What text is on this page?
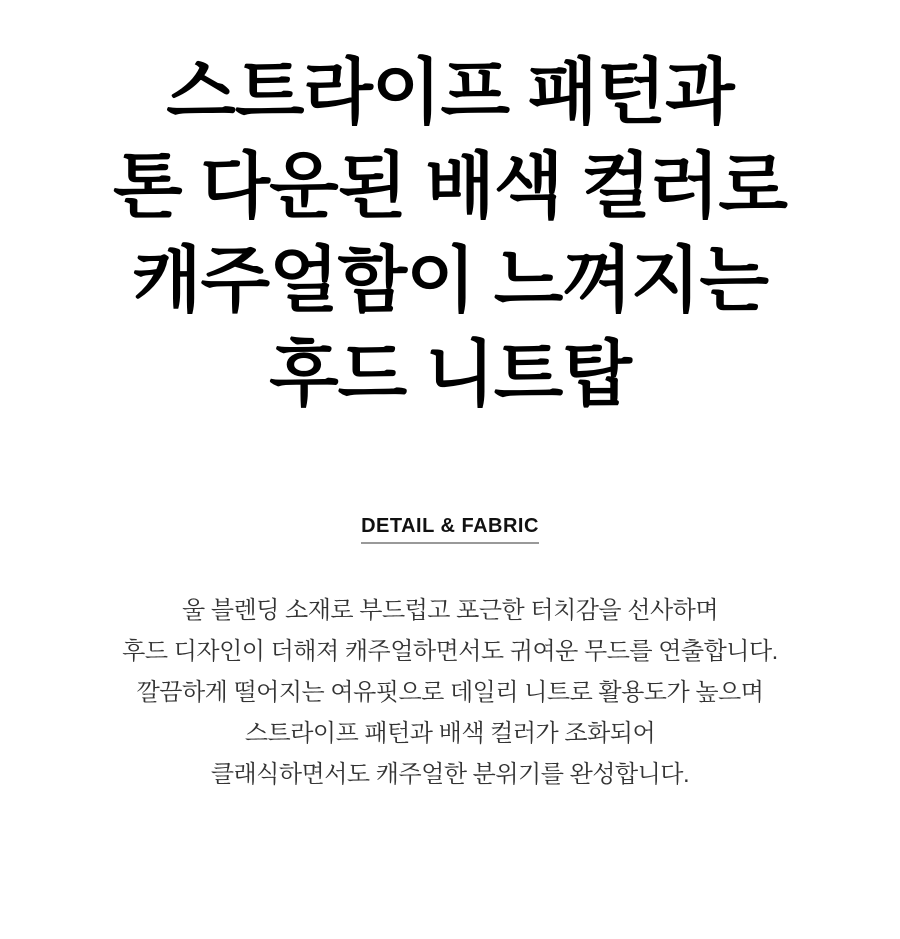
스트라이프 패턴과
톤 다운된 배색 컬러로
캐주얼함이 느껴지는
후드 니트탑
DETAIL & FABRIC

울 블렌딩 소재로 부드럽고 포근한 터치감을 선사하며
후드 디자인이 더해져 캐주얼하면서도 귀여운 무드를 연출합니다.
깔끔하게 떨어지는 여유핏으로 데일리 니트로 활용도가 높으며
스트라이프 패턴과 배색 컬러가 조화되어
클래식하면서도 캐주얼한 분위기를 완성합니다.
